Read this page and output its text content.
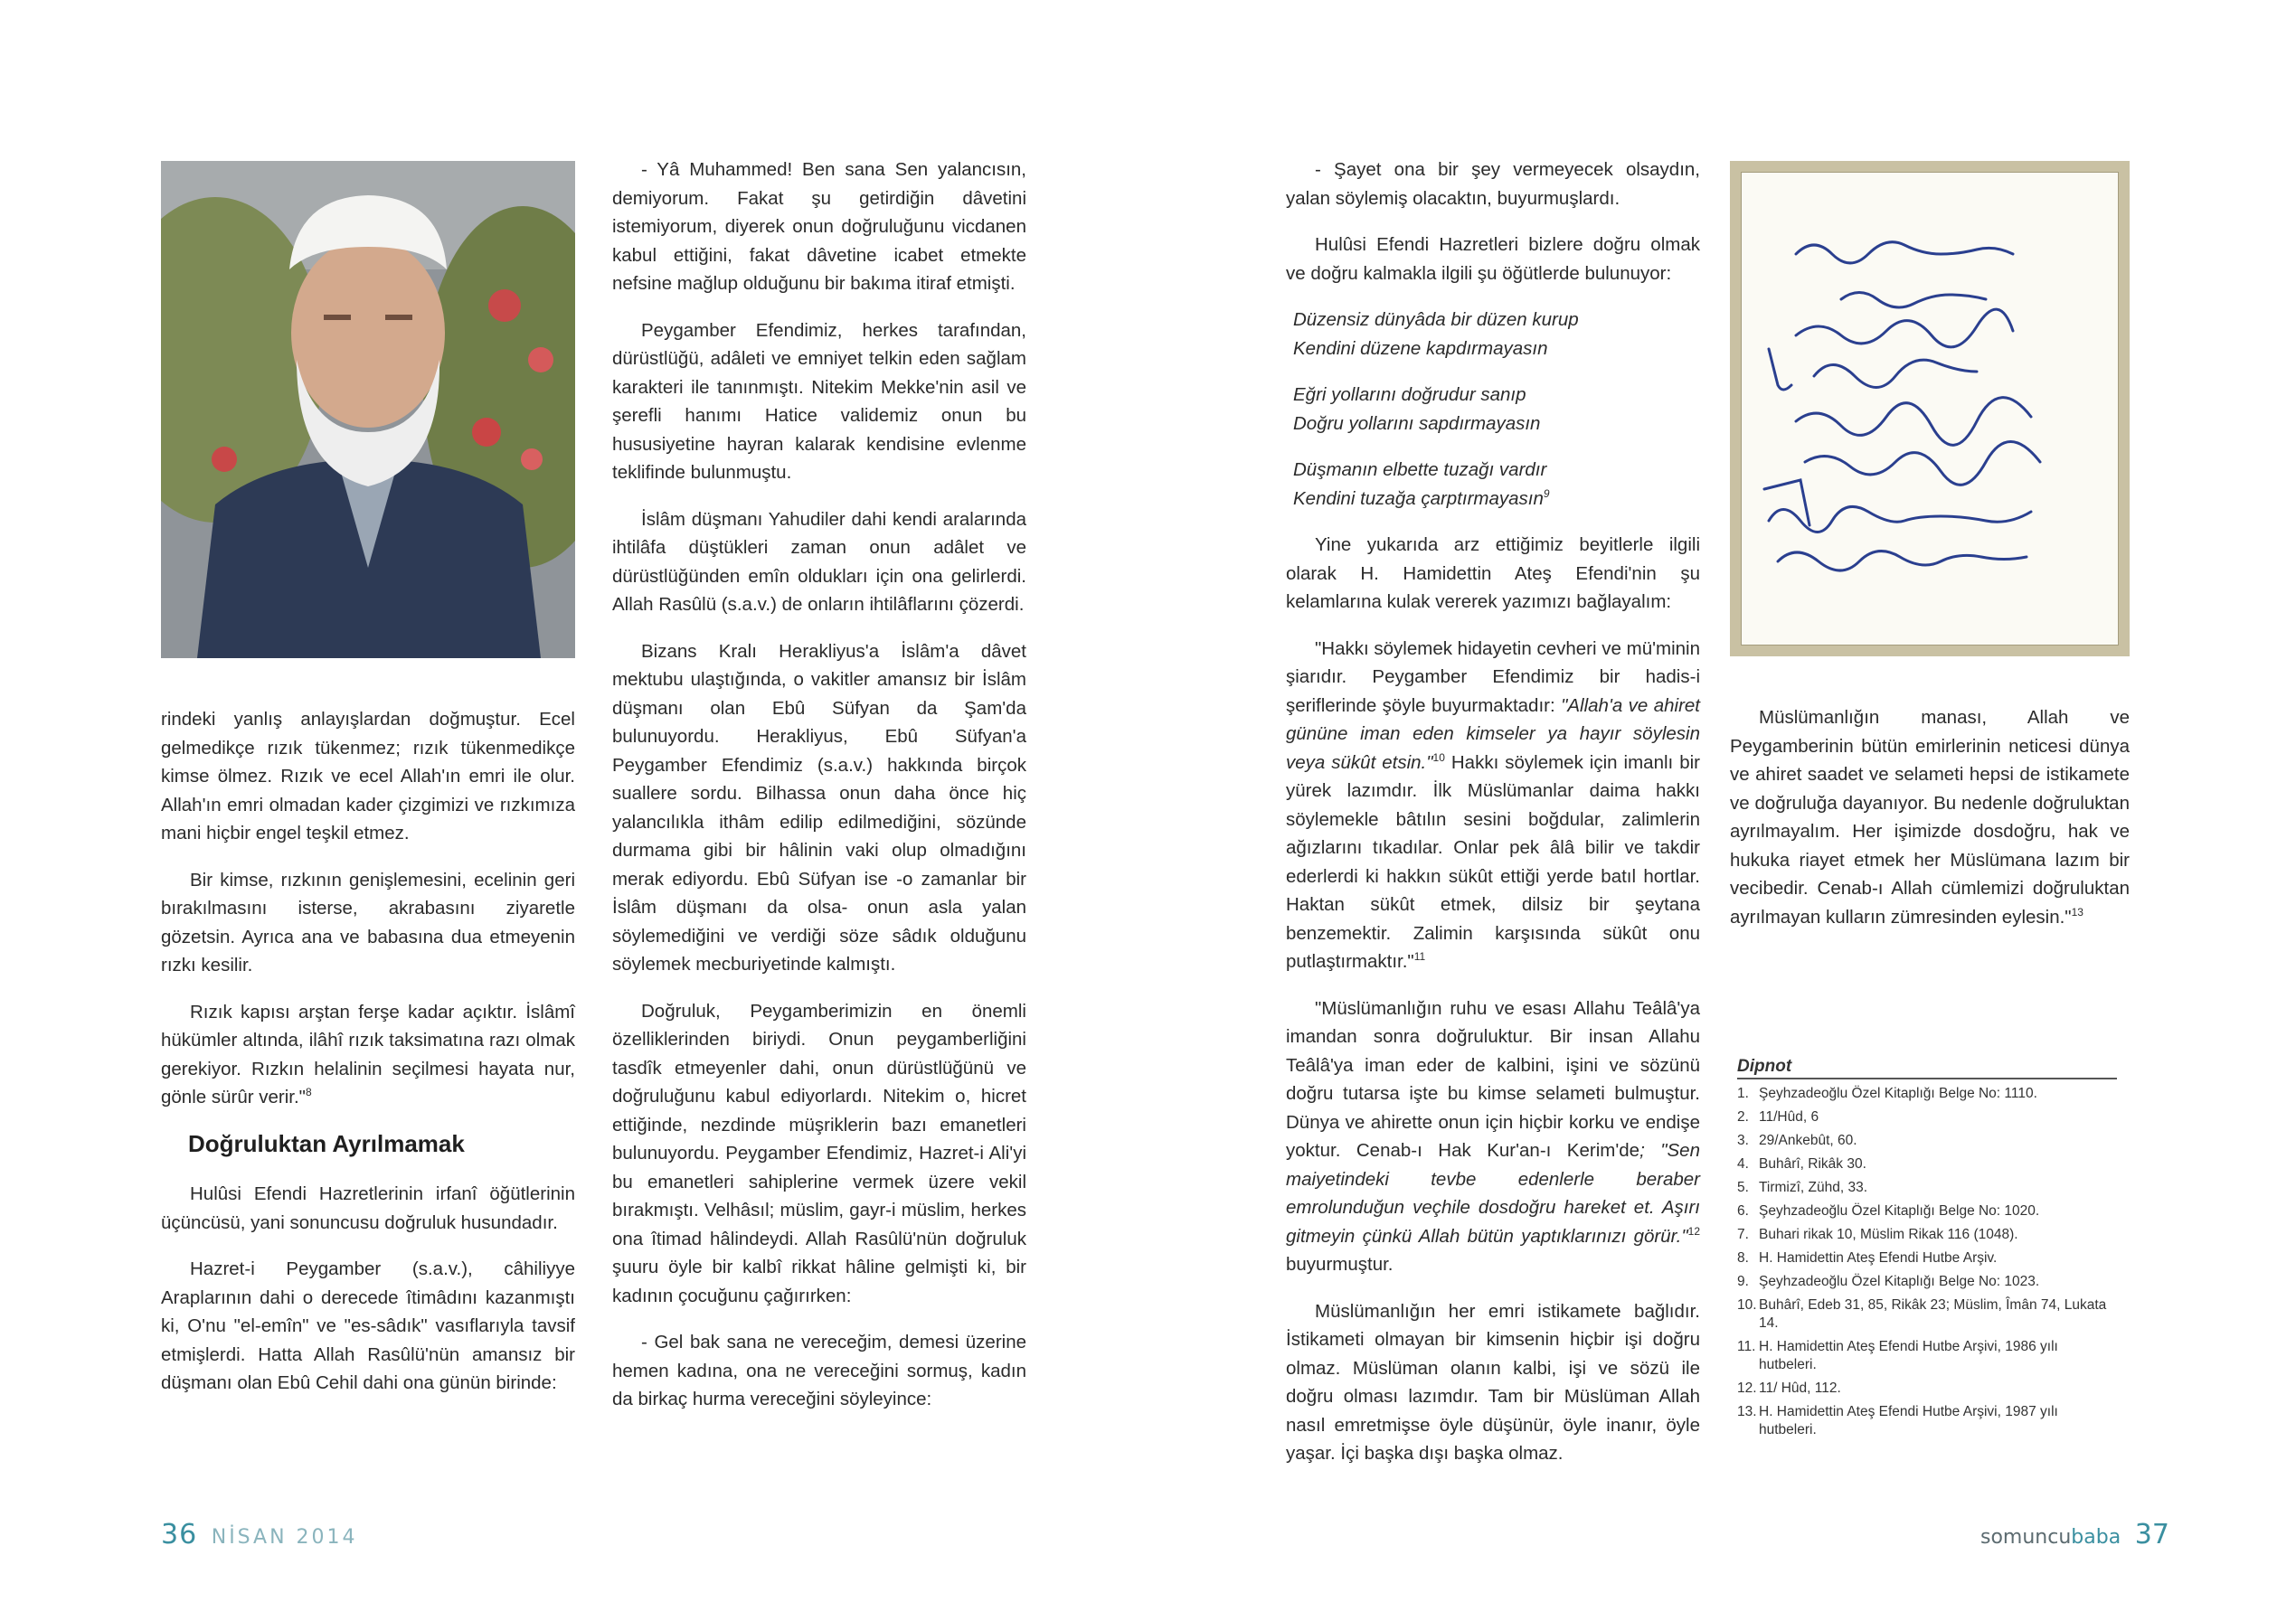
rindeki yanlış anlayışlardan doğmuştur. Ecel gelmedikçe rızık tükenmez; rızık tükenmedikçe kimse ölmez. Rızık ve ecel Allah'ın emri ile olur. Allah'ın emri olmadan kader çizgimizi ve rızkımıza mani hiçbir engel teşkil etmez.

Bir kimse, rızkının genişlemesini, ecelinin geri bırakılmasını isterse, akrabasını ziyaretle gözetsin. Ayrıca ana ve babasına dua etmeyenin rızkı kesilir.

Rızık kapısı arştan ferşe kadar açıktır. İslâmî hükümler altında, ilâhî rızık taksimatına razı olmak gerekiyor. Rızkın helalinin seçilmesi hayata nur, gönle sürûr verir."$^8$

Doğruluktan Ayrılmamak

Hulûsi Efendi Hazretlerinin irfanî öğütlerinin üçüncüsü, yani sonuncusu doğruluk husundadır.

Hazret-i Peygamber (s.a.v.), câhiliyye Araplarının dahi o derecede îtimâdını kazanmıştı ki, O'nu "el-emîn" ve "es-sâdık" vasıflarıyla tavsif etmişlerdi. Hatta Allah Rasûlü'nün amansız bir düşmanı olan Ebû Cehil dahi ona günün birinde:

- Yâ Muhammed! Ben sana Sen yalancısın, demiyorum. Fakat şu getirdiğin dâvetini istemiyorum, diyerek onun doğruluğunu vicdanen kabul ettiğini, fakat dâvetine icabet etmekte nefsine mağlup olduğunu bir bakıma itiraf etmişti.

Peygamber Efendimiz, herkes tarafından, dürüstlüğü, adâleti ve emniyet telkin eden sağlam karakteri ile tanınmıştı. Nitekim Mekke'nin asil ve şerefli hanımı Hatice validemiz onun bu hususiyetine hayran kalarak kendisine evlenme teklifinde bulunmuştu.

İslâm düşmanı Yahudiler dahi kendi aralarında ihtilâfa düştükleri zaman onun adâlet ve dürüstlüğünden emîn oldukları için ona gelirlerdi. Allah Rasûlü (s.a.v.) de onların ihtilâflarını çözerdi.

Bizans Kralı Herakliyus'a İslâm'a dâvet mektubu ulaştığında, o vakitler amansız bir İslâm düşmanı olan Ebû Süfyan da Şam'da bulunuyordu. Herakliyus, Ebû Süfyan'a Peygamber Efendimiz (s.a.v.) hakkında birçok suallere sordu. Bilhassa onun daha önce hiç yalancılıkla ithâm edilip edilmediğini, sözünde durmama gibi bir hâlinin vaki olup olmadığını merak ediyordu. Ebû Süfyan ise -o zamanlar bir İslâm düşmanı da olsa- onun asla yalan söylemediğini ve verdiği söze sâdık olduğunu söylemek mecburiyetinde kalmıştı.

Doğruluk, Peygamberimizin en önemli özelliklerinden biriydi. Onun peygamberliğini tasdîk etmeyenler dahi, onun dürüstlüğünü ve doğruluğunu kabul ediyorlardı. Nitekim o, hicret ettiğinde, nezdinde müşriklerin bazı emanetleri bulunuyordu. Peygamber Efendimiz, Hazret-i Ali'yi bu emanetleri sahiplerine vermek üzere vekil bırakmıştı. Velhâsıl; müslim, gayr-i müslim, herkes ona îtimad hâlindeydi. Allah Rasûlü'nün doğruluk şuuru öyle bir kalbî rikkat hâline gelmişti ki, bir kadının çocuğunu çağırırken:

- Gel bak sana ne vereceğim, demesi üzerine hemen kadına, ona ne vereceğini sormuş, kadın da birkaç hurma vereceğini söyleyince:

- Şayet ona bir şey vermeyecek olsaydın, yalan söylemiş olacaktın, buyurmuşlardı.

Hulûsi Efendi Hazretleri bizlere doğru olmak ve doğru kalmakla ilgili şu öğütlerde bulunuyor:

Düzensiz dünyâda bir düzen kurup
Kendini düzene kapdırmayasın
Eğri yollarını doğrudur sanıp
Doğru yollarını sapdırmayasın
Düşmanın elbette tuzağı vardır
Kendini tuzağa çarptırmayasın$^9$

Yine yukarıda arz ettiğimiz beyitlerle ilgili olarak H. Hamidettin Ateş Efendi'nin şu kelamlarına kulak vererek yazımızı bağlayalım:

"Hakkı söylemek hidayetin cevheri ve mü'minin şiarıdır. Peygamber Efendimiz bir hadis-i şeriflerinde şöyle buyurmaktadır: "Allah'a ve ahiret gününe iman eden kimseler ya hayır söylesin veya sükût etsin."$^{10}$ Hakkı söylemek için imanlı bir yürek lazımdır. İlk Müslümanlar daima hakkı söylemekle bâtılın sesini boğdular, zalimlerin ağızlarını tıkadılar. Onlar pek âlâ bilir ve takdir ederlerdi ki hakkın sükût ettiği yerde batıl hortlar. Haktan sükût etmek, dilsiz bir şeytana benzemektir. Zalimin karşısında sükût onu putlaştırmaktır."$^{11}$

"Müslümanlığın ruhu ve esası Allahu Teâlâ'ya imandan sonra doğruluktur. Bir insan Allahu Teâlâ'ya iman eder de kalbini, işini ve sözünü doğru tutarsa işte bu kimse selameti bulmuştur. Dünya ve ahirette onun için hiçbir korku ve endişe yoktur. Cenab-ı Hak Kur'an-ı Kerim'de; "Sen maiyetindeki tevbe edenlerle beraber emrolunduğun veçhile dosdoğru hareket et. Aşırı gitmeyin çünkü Allah bütün yaptıklarınızı görür."$^{12}$ buyurmuştur.

Müslümanlığın her emri istikamete bağlıdır. İstikameti olmayan bir kimsenin hiçbir işi doğru olmaz. Müslüman olanın kalbi, işi ve sözü ile doğru olması lazımdır. Tam bir Müslüman Allah nasıl emretmişse öyle düşünür, öyle inanır, öyle yaşar. İçi başka dışı başka olmaz.

Müslümanlığın manası, Allah ve Peygamberinin bütün emirlerinin neticesi dünya ve ahiret saadet ve selameti hepsi de istikamete ve doğruluğa dayanıyor. Bu nedenle doğruluktan ayrılmayalım. Her işimizde dosdoğru, hak ve hukuka riayet etmek her Müslümana lazım bir vecibedir. Cenab-ı Allah cümlemizi doğruluktan ayrılmayan kulların zümresinden eylesin."$^{13}$

Dipnot
1. Şeyhzadeoğlu Özel Kitaplığı Belge No: 1110.
2. 11/Hûd, 6
3. 29/Ankebût, 60.
4. Buhârî, Rikâk 30.
5. Tirmizî, Zühd, 33.
6. Şeyhzadeoğlu Özel Kitaplığı Belge No: 1020.
7. Buhari rikak 10, Müslim Rikak 116 (1048).
8. H. Hamidettin Ateş Efendi Hutbe Arşiv.
9. Şeyhzadeoğlu Özel Kitaplığı Belge No: 1023.
10. Buhârî, Edeb 31, 85, Rikâk 23; Müslim, Îmân 74, Lukata 14.
11. H. Hamidettin Ateş Efendi Hutbe Arşivi, 1986 yılı hutbeleri.
12. 11/ Hûd, 112.
13. H. Hamidettin Ateş Efendi Hutbe Arşivi, 1987 yılı hutbeleri.
36 NİSAN 2014	somuncubaba 37
